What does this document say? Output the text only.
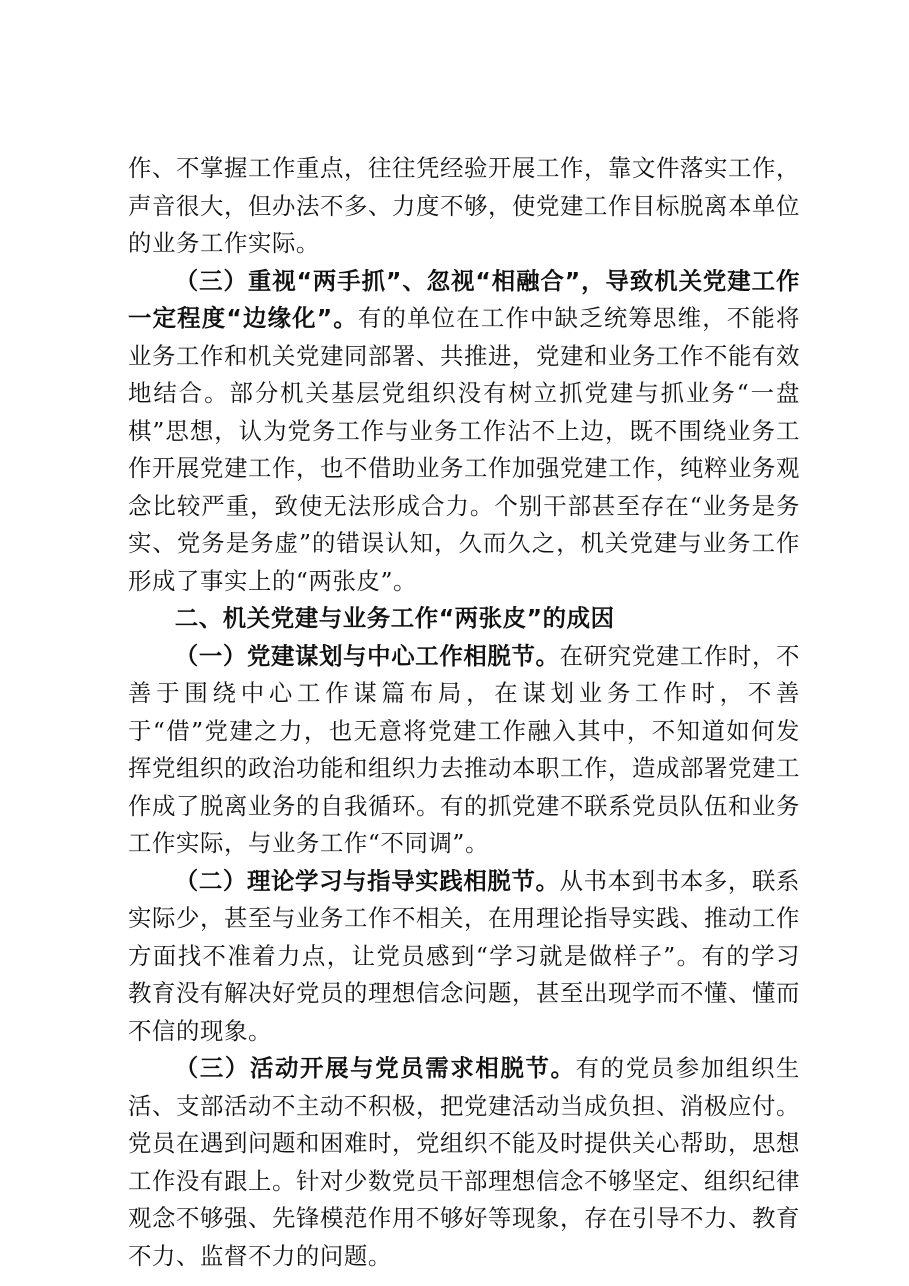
作、不掌握工作重点，往往凭经验开展工作，靠文件落实工作，声音很大，但办法不多、力度不够，使党建工作目标脱离本单位的业务工作实际。

（三）重视“两手抓”、忽视“相融合”，导致机关党建工作一定程度“边缘化”。有的单位在工作中缺乏统筹思维，不能将业务工作和机关党建同部署、共推进，党建和业务工作不能有效地结合。部分机关基层党组织没有树立抓党建与抓业务“一盘棋”思想，认为党务工作与业务工作沾不上边，既不围绕业务工作开展党建工作，也不借助业务工作加强党建工作，纯粹业务观念比较严重，致使无法形成合力。个别干部甚至存在“业务是务实、党务是务虚”的错误认知，久而久之，机关党建与业务工作形成了事实上的“两张皮”。

二、机关党建与业务工作“两张皮”的成因

（一）党建谋划与中心工作相脱节。在研究党建工作时，不善于围绕中心工作谋篇布局，在谋划业务工作时，不善于“借”党建之力，也无意将党建工作融入其中，不知道如何发挥党组织的政治功能和组织力去推动本职工作，造成部署党建工作成了脱离业务的自我循环。有的抓党建不联系党员队伍和业务工作实际，与业务工作“不同调”。

（二）理论学习与指导实践相脱节。从书本到书本多，联系实际少，甚至与业务工作不相关，在用理论指导实践、推动工作方面找不准着力点，让党员感到“学习就是做样子”。有的学习教育没有解决好党员的理想信念问题，甚至出现学而不懂、懂而不信的现象。

（三）活动开展与党员需求相脱节。有的党员参加组织生活、支部活动不主动不积极，把党建活动当成负担、消极应付。党员在遇到问题和困难时，党组织不能及时提供关心帮助，思想工作没有跟上。针对少数党员干部理想信念不够坚定、组织纪律观念不够强、先锋模范作用不够好等现象，存在引导不力、教育不力、监督不力的问题。
